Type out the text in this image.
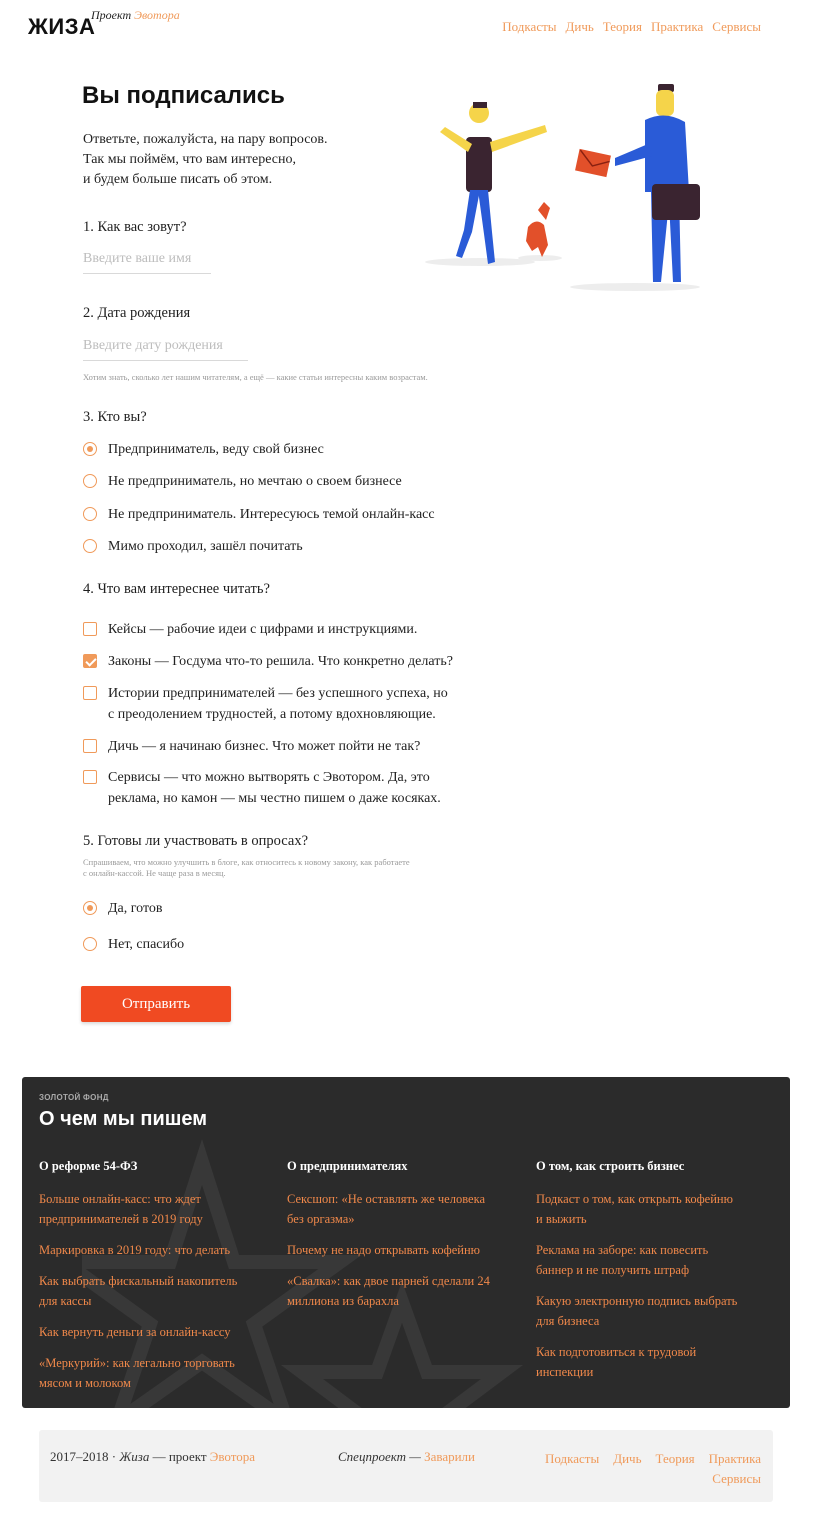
ЖИЗА
Проект Эвотора
Подкасты Дичь Теория Практика Сервисы
Вы подписались
Ответьте, пожалуйста, на пару вопросов.
Так мы поймём, что вам интересно,
и будем больше писать об этом.
1. Как вас зовут?
Введите ваше имя
2. Дата рождения
Введите дату рождения
Хотим знать, сколько лет нашим читателям, а ещё — какие статьи интересны каким возрастам.
3. Кто вы?
Предприниматель, веду свой бизнес
Не предприниматель, но мечтаю о своем бизнесе
Не предприниматель. Интересуюсь темой онлайн-касс
Мимо проходил, зашёл почитать
4. Что вам интереснее читать?
Кейсы — рабочие идеи с цифрами и инструкциями.
Законы — Госдума что-то решила. Что конкретно делать?
Истории предпринимателей — без успешного успеха, но
с преодолением трудностей, а потому вдохновляющие.
Дичь — я начинаю бизнес. Что может пойти не так?
Сервисы — что можно вытворять с Эвотором. Да, это
реклама, но камон — мы честно пишем о даже косяках.
5. Готовы ли участвовать в опросах?
Спрашиваем, что можно улучшить в блоге, как относитесь к новому закону, как работаете
с онлайн-кассой. Не чаще раза в месяц.
Да, готов
Нет, спасибо
Отправить
ЗОЛОТОЙ ФОНД
О чем мы пишем
О реформе 54-ФЗ
Больше онлайн-касс: что ждет
предпринимателей в 2019 году
Маркировка в 2019 году: что делать
Как выбрать фискальный накопитель
для кассы
Как вернуть деньги за онлайн-кассу
«Меркурий»: как легально торговать
мясом и молоком
О предпринимателях
Сексшоп: «Не оставлять же человека
без оргазма»
Почему не надо открывать кофейню
«Свалка»: как двое парней сделали 24
миллиона из барахла
О том, как строить бизнес
Подкаст о том, как открыть кофейню
и выжить
Реклама на заборе: как повесить
баннер и не получить штраф
Какую электронную подпись выбрать
для бизнеса
Как подготовиться к трудовой
инспекции
2017–2018 · Жиза — проект Эвотора	Спецпроект — Заварили	Подкасты Дичь Теория Практика
Сервисы
